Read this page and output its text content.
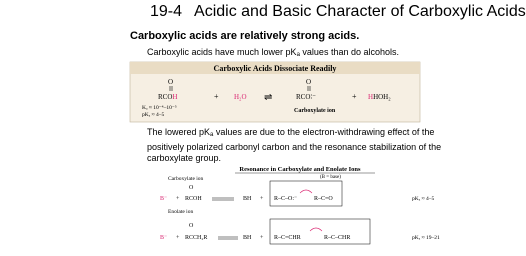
19-4 Acidic and Basic Character of Carboxylic Acids
Carboxylic acids are relatively strong acids.
Carboxylic acids have much lower $pK_a$ values than do alcohols.
Carboxylic Acids Dissociate Readily
O
RCOH	+ H₂O ⇌
O
RCO∶⁻	+ HHOH₂
Kₐ ≈ 10⁻⁴–10⁻⁵
pKₐ ≈ 4–5
Carboxylate ion
The lowered $pK_a$ values are due to the electron-withdrawing effect of the
positively polarized carbonyl carbon and the resonance stabilization of the
carboxylate group.
Resonance in Carboxylate and Enolate Ions
(B = base)
Carboxylate ion
B⁻ + RCOH
O
BH + R–C–O:⁻	R–C=O	pKₐ ≈ 4–5
Enolate ion
B⁻ + RCCH₂R
O
BH + R–C=CHR	R–C–CHR	pKₐ ≈ 19–21
